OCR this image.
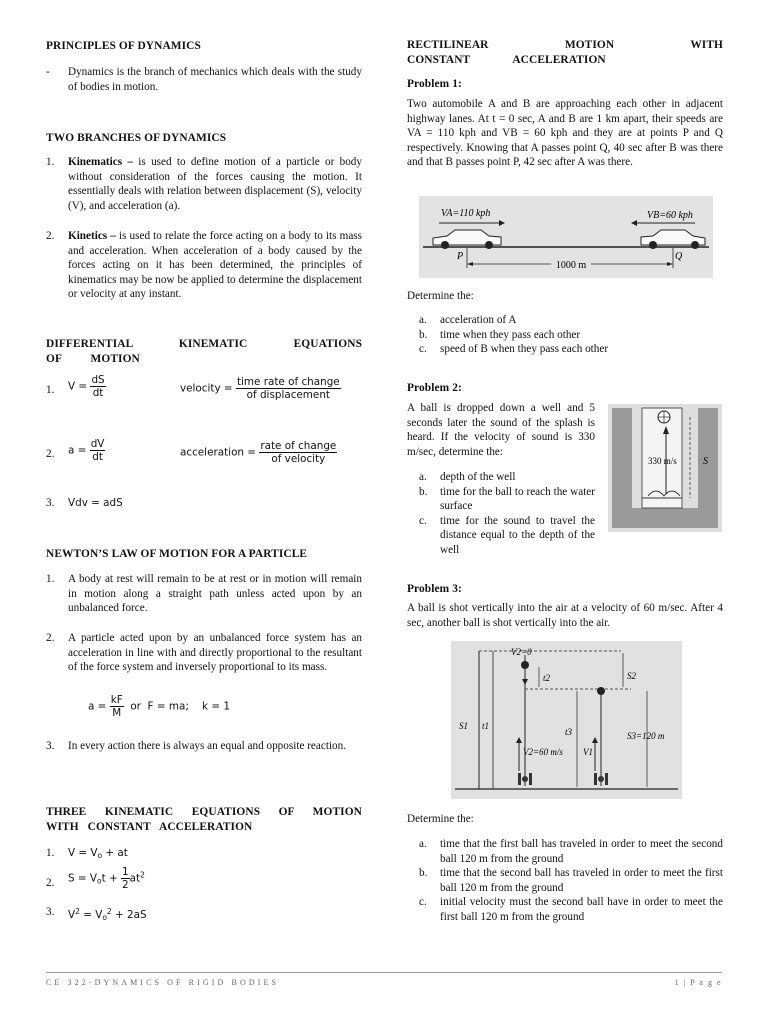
PRINCIPLES OF DYNAMICS
- Dynamics is the branch of mechanics which deals with the study of bodies in motion.
TWO BRANCHES OF DYNAMICS
1. Kinematics – is used to define motion of a particle or body without consideration of the forces causing the motion. It essentially deals with relation between displacement (S), velocity (V), and acceleration (a).
2. Kinetics – is used to relate the force acting on a body to its mass and acceleration. When acceleration of a body caused by the forces acting on it has been determined, the principles of kinematics may be now be applied to determine the displacement or velocity at any instant.
DIFFERENTIAL KINEMATIC EQUATIONS OF MOTION
1. $V = \frac{dS}{dt}$	velocity = $\frac{\text{time rate of change}}{\text{of displacement}}$
2. $a = \frac{dV}{dt}$	acceleration = $\frac{\text{rate of change}}{\text{of velocity}}$
3. Vdv = adS
NEWTON’S LAW OF MOTION FOR A PARTICLE
1. A body at rest will remain to be at rest or in motion will remain in motion along a straight path unless acted upon by an unbalanced force.
2. A particle acted upon by an unbalanced force system has an acceleration in line with and directly proportional to the resultant of the force system and inversely proportional to its mass.
$a = \frac{kF}{M}$ or  F = ma;    k = 1
3. In every action there is always an equal and opposite reaction.
THREE KINEMATIC EQUATIONS OF MOTION WITH CONSTANT ACCELERATION
1. $V = V_o$ + at
2. $S = V_ot + \frac{1}{2} at^2$
3. $V^2 = V_o^2 + 2aS$
RECTILINEAR MOTION WITH CONSTANT ACCELERATION
Problem 1:
Two automobile A and B are approaching each other in adjacent highway lanes. At t = 0 sec, A and B are 1 km apart, their speeds are VA = 110 kph and VB = 60 kph and they are at points P and Q respectively. Knowing that A passes point Q, 40 sec after B was there and that B passes point P, 42 sec after A was there.
VA=110 kph	VB=60 kph
P	Q
1000 m
Determine the:
a. acceleration of A
b. time when they pass each other
c. speed of B when they pass each other
Problem 2:
A ball is dropped down a well and 5 seconds later the sound of the splash is heard. If the velocity of sound is 330 m/sec, determine the:
a. depth of the well
b. time for the ball to reach the water surface
c. time for the sound to travel the distance equal to the depth of the well
330 m/s	S
Problem 3:
A ball is shot vertically into the air at a velocity of 60 m/sec. After 4 sec, another ball is shot vertically into the air.
V2=0
t2	S2
S1 t1
t3	S3=120 m
V2=60 m/s V1
Determine the:
a. time that the first ball has traveled in order to meet the second ball 120 m from the ground
b. time that the second ball has traveled in order to meet the first ball 120 m from the ground
c. initial velocity must the second ball have in order to meet the first ball 120 m from the ground
CE 322-DYNAMICS OF RIGID BODIES	1 | P a g e
